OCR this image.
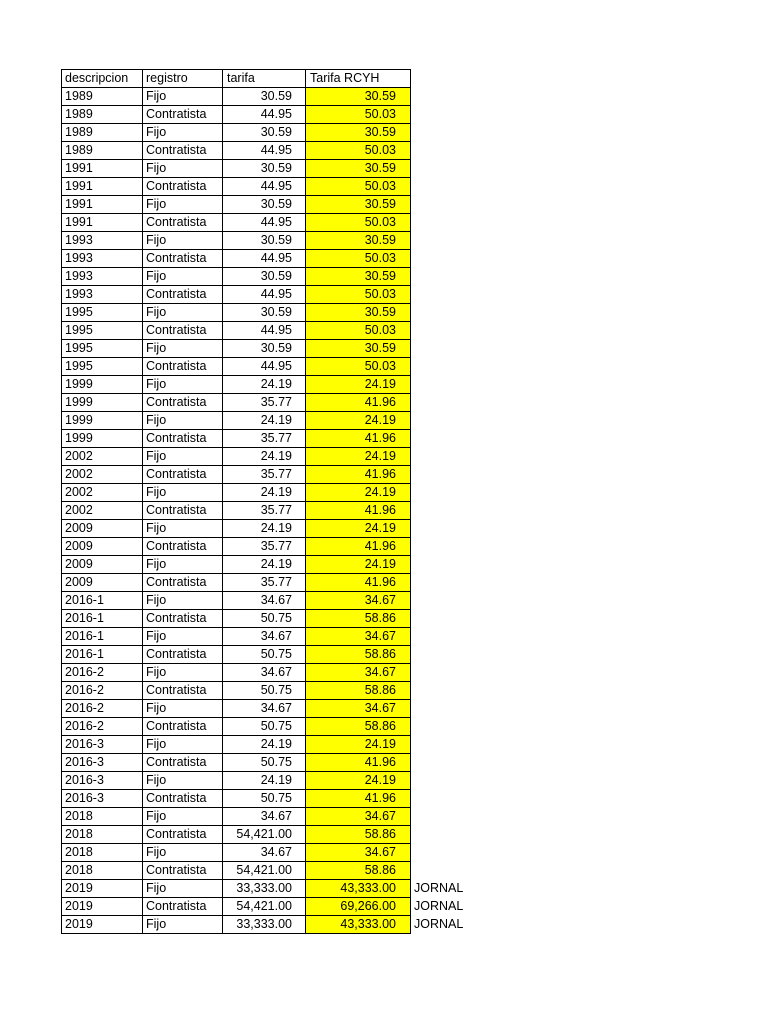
descripcion	registro	tarifa	Tarifa RCYH	
1989	Fijo	30.59	30.59	
1989	Contratista	44.95	50.03	
1989	Fijo	30.59	30.59	
1989	Contratista	44.95	50.03	
1991	Fijo	30.59	30.59	
1991	Contratista	44.95	50.03	
1991	Fijo	30.59	30.59	
1991	Contratista	44.95	50.03	
1993	Fijo	30.59	30.59	
1993	Contratista	44.95	50.03	
1993	Fijo	30.59	30.59	
1993	Contratista	44.95	50.03	
1995	Fijo	30.59	30.59	
1995	Contratista	44.95	50.03	
1995	Fijo	30.59	30.59	
1995	Contratista	44.95	50.03	
1999	Fijo	24.19	24.19	
1999	Contratista	35.77	41.96	
1999	Fijo	24.19	24.19	
1999	Contratista	35.77	41.96	
2002	Fijo	24.19	24.19	
2002	Contratista	35.77	41.96	
2002	Fijo	24.19	24.19	
2002	Contratista	35.77	41.96	
2009	Fijo	24.19	24.19	
2009	Contratista	35.77	41.96	
2009	Fijo	24.19	24.19	
2009	Contratista	35.77	41.96	
2016-1	Fijo	34.67	34.67	
2016-1	Contratista	50.75	58.86	
2016-1	Fijo	34.67	34.67	
2016-1	Contratista	50.75	58.86	
2016-2	Fijo	34.67	34.67	
2016-2	Contratista	50.75	58.86	
2016-2	Fijo	34.67	34.67	
2016-2	Contratista	50.75	58.86	
2016-3	Fijo	24.19	24.19	
2016-3	Contratista	50.75	41.96	
2016-3	Fijo	24.19	24.19	
2016-3	Contratista	50.75	41.96	
2018	Fijo	34.67	34.67	
2018	Contratista	54,421.00	58.86	
2018	Fijo	34.67	34.67	
2018	Contratista	54,421.00	58.86	
2019	Fijo	33,333.00	43,333.00	JORNAL
2019	Contratista	54,421.00	69,266.00	JORNAL
2019	Fijo	33,333.00	43,333.00	JORNAL
